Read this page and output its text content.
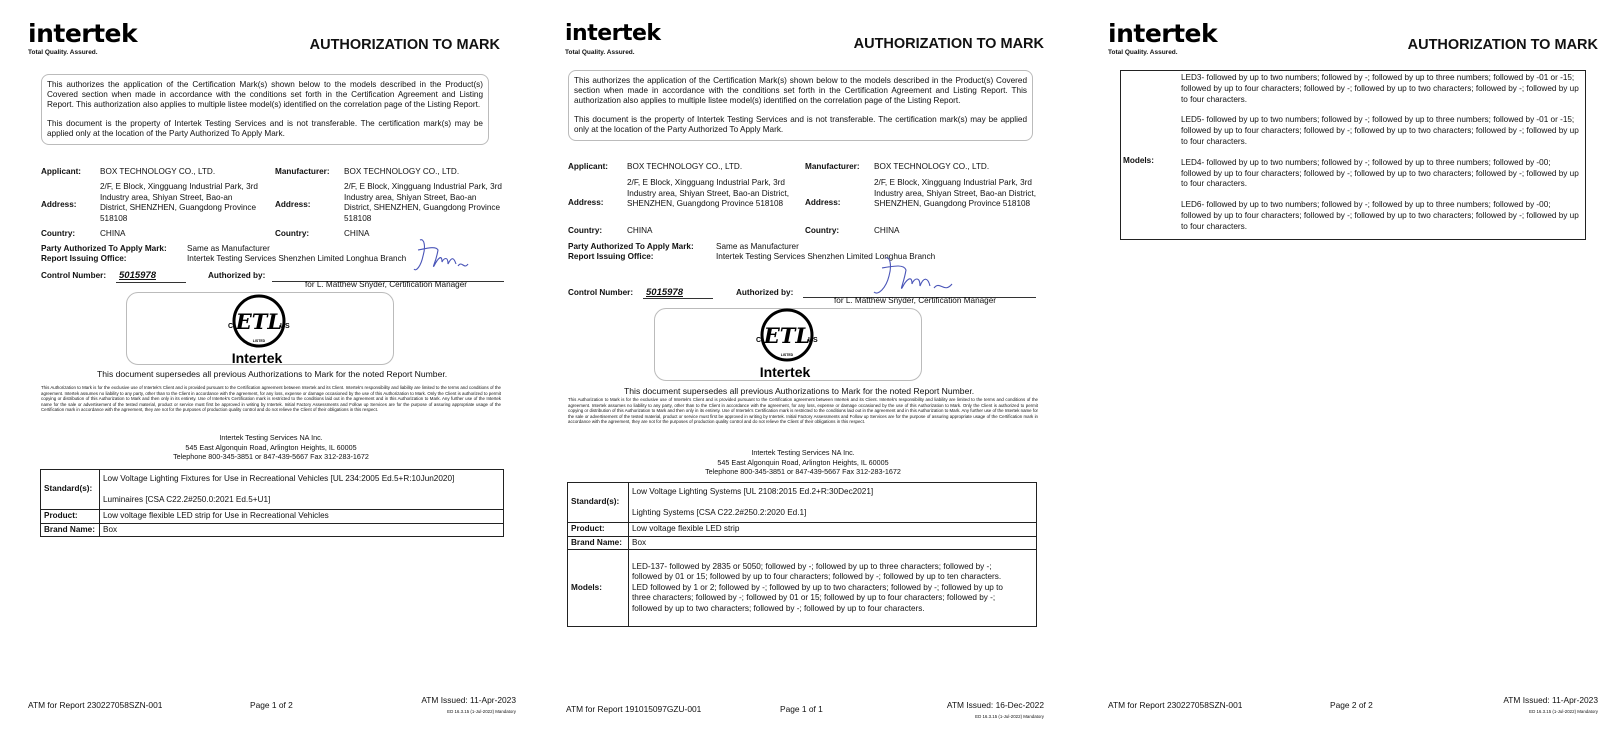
intertek
Total Quality. Assured.	AUTHORIZATION TO MARK

This authorizes the application of the Certification Mark(s) shown below to the models described in the Product(s) Covered section when made in accordance with the conditions set forth in the Certification Agreement and Listing Report. This authorization also applies to multiple listee model(s) identified on the correlation page of the Listing Report.

This document is the property of Intertek Testing Services and is not transferable. The certification mark(s) may be applied only at the location of the Party Authorized To Apply Mark.

Applicant: BOX TECHNOLOGY CO., LTD.
Address:
2/F, E Block, Xingguang Industrial Park, 3rd Industry area, Shiyan Street, Bao-an District, SHENZHEN, Guangdong Province 518108
Country:	CHINA
Manufacturer: BOX TECHNOLOGY CO., LTD.
Address:
2/F, E Block, Xingguang Industrial Park, 3rd Industry area, Shiyan Street, Bao-an District, SHENZHEN, Guangdong Province 518108
Country:	CHINA
Party Authorized To Apply Mark: Same as Manufacturer
Report Issuing Office:	Intertek Testing Services Shenzhen Limited Longhua Branch
Control Number: 5015978	Authorized by:
for L. Matthew Snyder, Certification Manager
ETL
LISTED
C	US
Intertek
This document supersedes all previous Authorizations to Mark for the noted Report Number.
This Authorization to Mark is for the exclusive use of Intertek's Client and is provided pursuant to the Certification agreement between Intertek and its Client. Intertek's responsibility and liability are limited to the terms and conditions of the agreement. Intertek assumes no liability to any party, other than to the Client in accordance with the agreement, for any loss, expense or damage occasioned by the use of this Authorization to Mark. Only the Client is authorized to permit copying or distribution of this Authorization to Mark and then only in its entirety. Use of Intertek's Certification mark is restricted to the conditions laid out in the agreement and in this Authorization to Mark. Any further use of the Intertek name for the sale or advertisement of the tested material, product or service must first be approved in writing by Intertek. Initial Factory Assessments and Follow up Services are for the purpose of assuring appropriate usage of the Certification mark in accordance with the agreement, they are not for the purposes of production quality control and do not relieve the Client of their obligations in this respect.
Intertek Testing Services NA Inc.
545 East Algonquin Road, Arlington Heights, IL 60005
Telephone 800-345-3851 or 847-439-5667 Fax 312-283-1672
Standard(s):	Low Voltage Lighting Fixtures for Use in Recreational Vehicles [UL 234:2005 Ed.5+R:10Jun2020]
Luminaires [CSA C22.2#250.0:2021 Ed.5+U1]

Product:	Low voltage flexible LED strip for Use in Recreational Vehicles
Brand Name:	Box
ATM for Report 230227058SZN-001	Page 1 of 2	ATM Issued: 11-Apr-2023
ED 16.3.15 (1-Jul-2022) Mandatory
intertek
Total Quality. Assured.
AUTHORIZATION TO MARK

This authorizes the application of the Certification Mark(s) shown below to the models described in the Product(s) Covered section when made in accordance with the conditions set forth in the Certification Agreement and Listing Report. This authorization also applies to multiple listee model(s) identified on the correlation page of the Listing Report.

This document is the property of Intertek Testing Services and is not transferable. The certification mark(s) may be applied only at the location of the Party Authorized To Apply Mark.

Applicant: BOX TECHNOLOGY CO., LTD.
Address:
2/F, E Block, Xingguang Industrial Park, 3rd Industry area, Shiyan Street, Bao-an District, SHENZHEN, Guangdong Province 518108
Country:	CHINA
Manufacturer: BOX TECHNOLOGY CO., LTD.
Address:
2/F, E Block, Xingguang Industrial Park, 3rd Industry area, Shiyan Street, Bao-an District, SHENZHEN, Guangdong Province 518108
Country:	CHINA
Party Authorized To Apply Mark:	Same as Manufacturer
Report Issuing Office:	Intertek Testing Services Shenzhen Limited Longhua Branch
Control Number: 5015978	Authorized by:
for L. Matthew Snyder, Certification Manager
ETL
LISTED
C	US
Intertek
This document supersedes all previous Authorizations to Mark for the noted Report Number.
This Authorization to Mark is for the exclusive use of Intertek's Client and is provided pursuant to the Certification agreement between Intertek and its Client. Intertek's responsibility and liability are limited to the terms and conditions of the agreement. Intertek assumes no liability to any party, other than to the Client in accordance with the agreement, for any loss, expense or damage occasioned by the use of this Authorization to Mark. Only the Client is authorized to permit copying or distribution of this Authorization to Mark and then only in its entirety. Use of Intertek's Certification mark is restricted to the conditions laid out in the agreement and in this Authorization to Mark. Any further use of the Intertek name for the sale or advertisement of the tested material, product or service must first be approved in writing by Intertek. Initial Factory Assessments and Follow up Services are for the purpose of assuring appropriate usage of the Certification mark in accordance with the agreement, they are not for the purposes of production quality control and do not relieve the Client of their obligations in this respect.
Intertek Testing Services NA Inc.
545 East Algonquin Road, Arlington Heights, IL 60005
Telephone 800-345-3851 or 847-439-5667 Fax 312-283-1672
Standard(s):	Low Voltage Lighting Systems [UL 2108:2015 Ed.2+R:30Dec2021]
Lighting Systems [CSA C22.2#250.2:2020 Ed.1]

Product:	Low voltage flexible LED strip
Brand Name:	Box
Models:	LED-137- followed by 2835 or 5050; followed by -; followed by up to three characters; followed by -; followed by 01 or 15; followed by up to four characters; followed by -; followed by up to ten characters. LED followed by 1 or 2; followed by -; followed by up to two characters; followed by -; followed by up to three characters; followed by -; followed by 01 or 15; followed by up to four characters; followed by -; followed by up to two characters; followed by -; followed by up to four characters.
ATM for Report 191015097GZU-001	Page 1 of 1	ATM Issued: 16-Dec-2022
ED 16.3.15 (1-Jul-2022) Mandatory
intertek
Total Quality. Assured.	AUTHORIZATION TO MARK
ATM for Report 230227058SZN-001	Page 2 of 2	ATM Issued: 11-Apr-2023
ED 16.3.15 (1-Jul-2022) Mandatory
Models:
LED3- followed by up to two numbers; followed by -; followed by up to three numbers; followed by -01 or -15; followed by up to four characters; followed by -; followed by up to two characters; followed by -; followed by up to four characters.
LED5- followed by up to two numbers; followed by -; followed by up to three numbers; followed by -01 or -15; followed by up to four characters; followed by -; followed by up to two characters; followed by -; followed by up to four characters.
LED4- followed by up to two numbers; followed by -; followed by up to three numbers; followed by -00; followed by up to four characters; followed by -; followed by up to two characters; followed by -; followed by up to four characters.
LED6- followed by up to two numbers; followed by -; followed by up to three numbers; followed by -00; followed by up to four characters; followed by -; followed by up to two characters; followed by -; followed by up to four characters.
